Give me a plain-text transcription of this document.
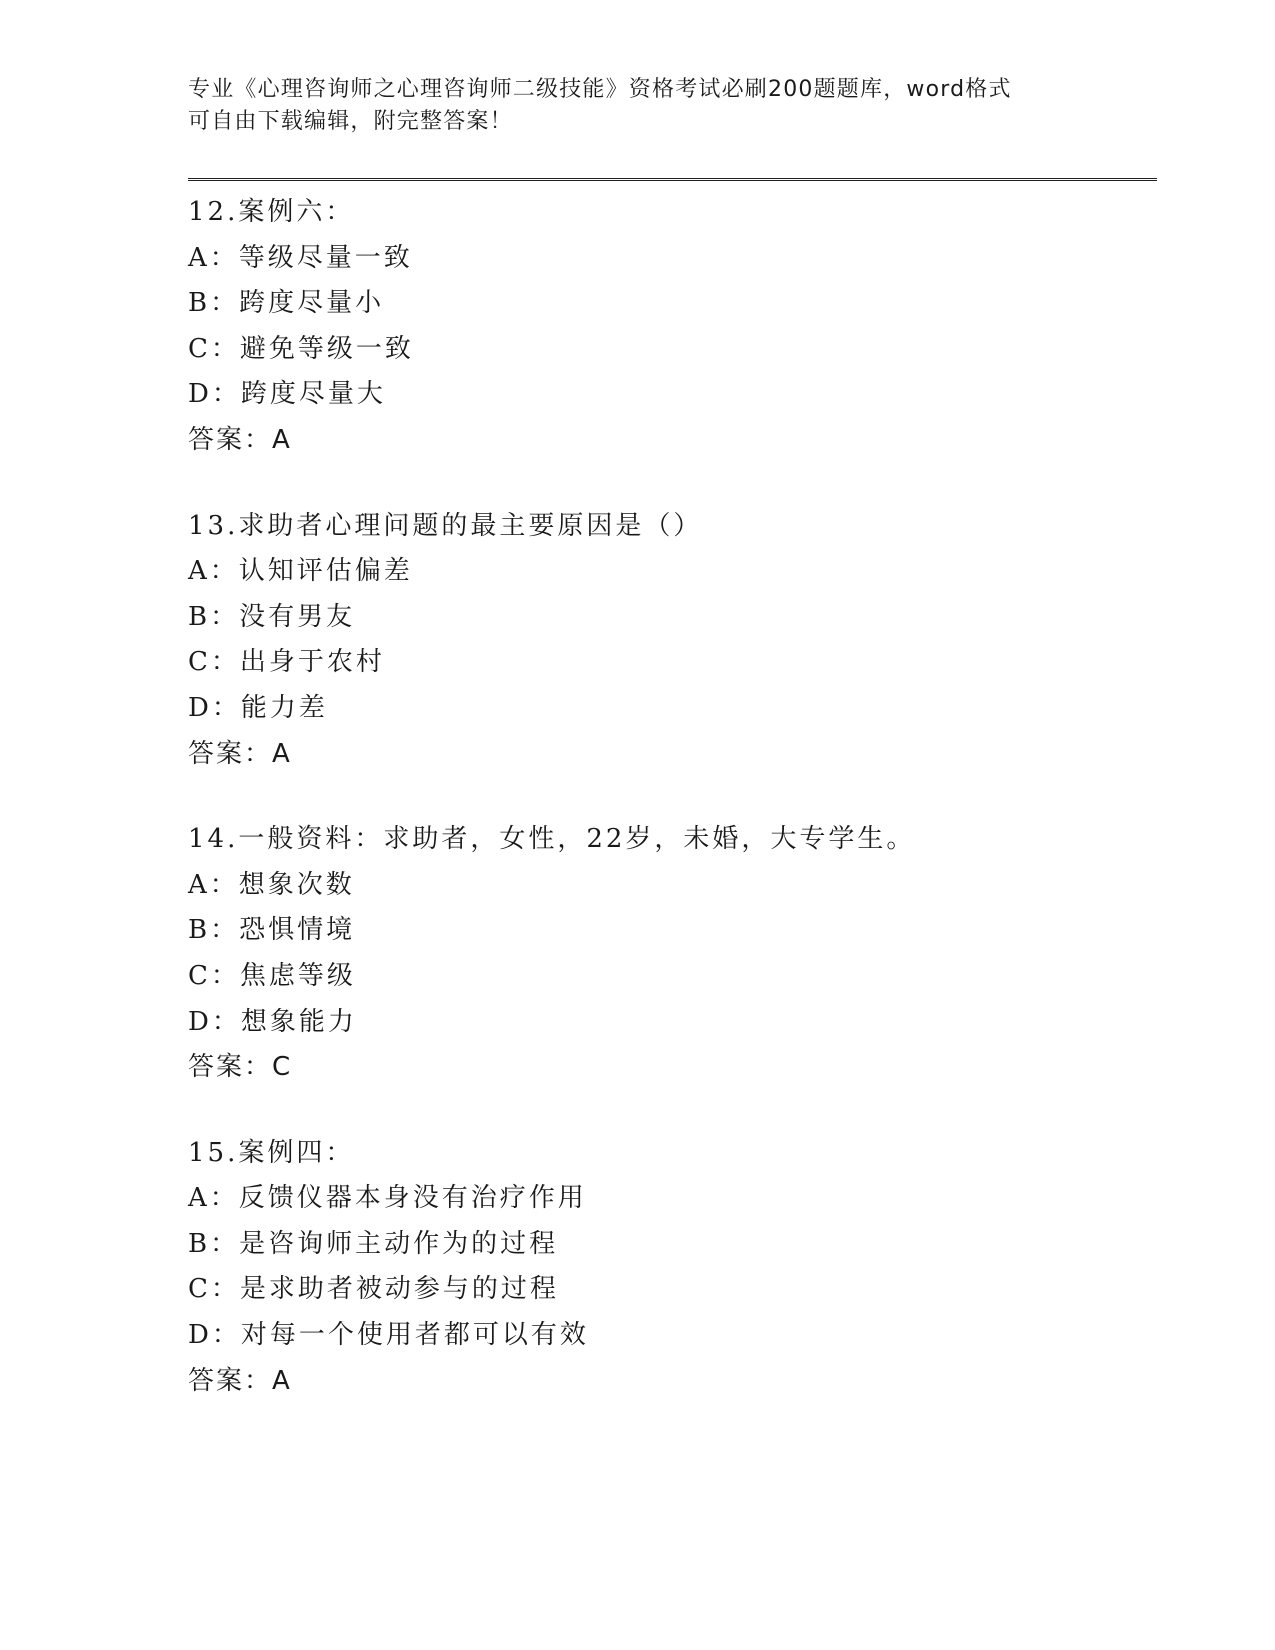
专业《心理咨询师之心理咨询师二级技能》资格考试必刷200题题库，word格式
可自由下载编辑，附完整答案！
12.案例六：
A：等级尽量一致
B：跨度尽量小
C：避免等级一致
D：跨度尽量大
答案：A
13.求助者心理问题的最主要原因是（）
A：认知评估偏差
B：没有男友
C：出身于农村
D：能力差
答案：A
14.一般资料：求助者，女性，22岁，未婚，大专学生。
A：想象次数
B：恐惧情境
C：焦虑等级
D：想象能力
答案：C
15.案例四：
A：反馈仪器本身没有治疗作用
B：是咨询师主动作为的过程
C：是求助者被动参与的过程
D：对每一个使用者都可以有效
答案：A
